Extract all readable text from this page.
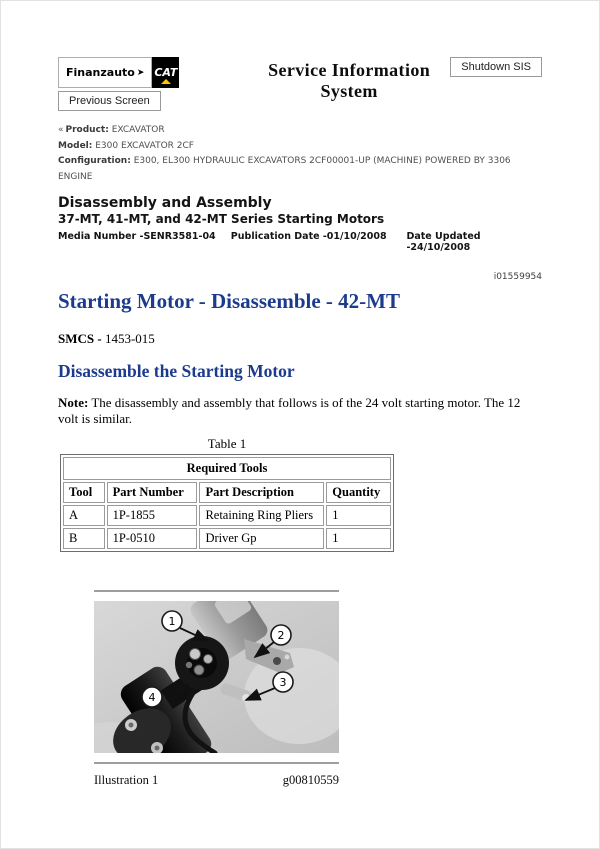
Finanzauto ➤ CAT
Previous Screen
Service Information System
Shutdown SIS
« Product: EXCAVATOR
Model: E300 EXCAVATOR 2CF
Configuration: E300, EL300 HYDRAULIC EXCAVATORS 2CF00001-UP (MACHINE) POWERED BY 3306 ENGINE
Disassembly and Assembly
37-MT, 41-MT, and 42-MT Series Starting Motors
Media Number -SENR3581-04	Publication Date -01/10/2008	Date Updated -24/10/2008
i01559954
Starting Motor - Disassemble - 42-MT
SMCS - 1453-015
Disassemble the Starting Motor

Note: The disassembly and assembly that follows is of the 24 volt starting motor. The 12 volt is similar.

Table 1
Required Tools			
Tool	Part Number	Part Description	Quantity
A	1P-1855	Retaining Ring Pliers	1
B	1P-0510	Driver Gp	1
1
2
3
4
Illustration 1	g00810559
